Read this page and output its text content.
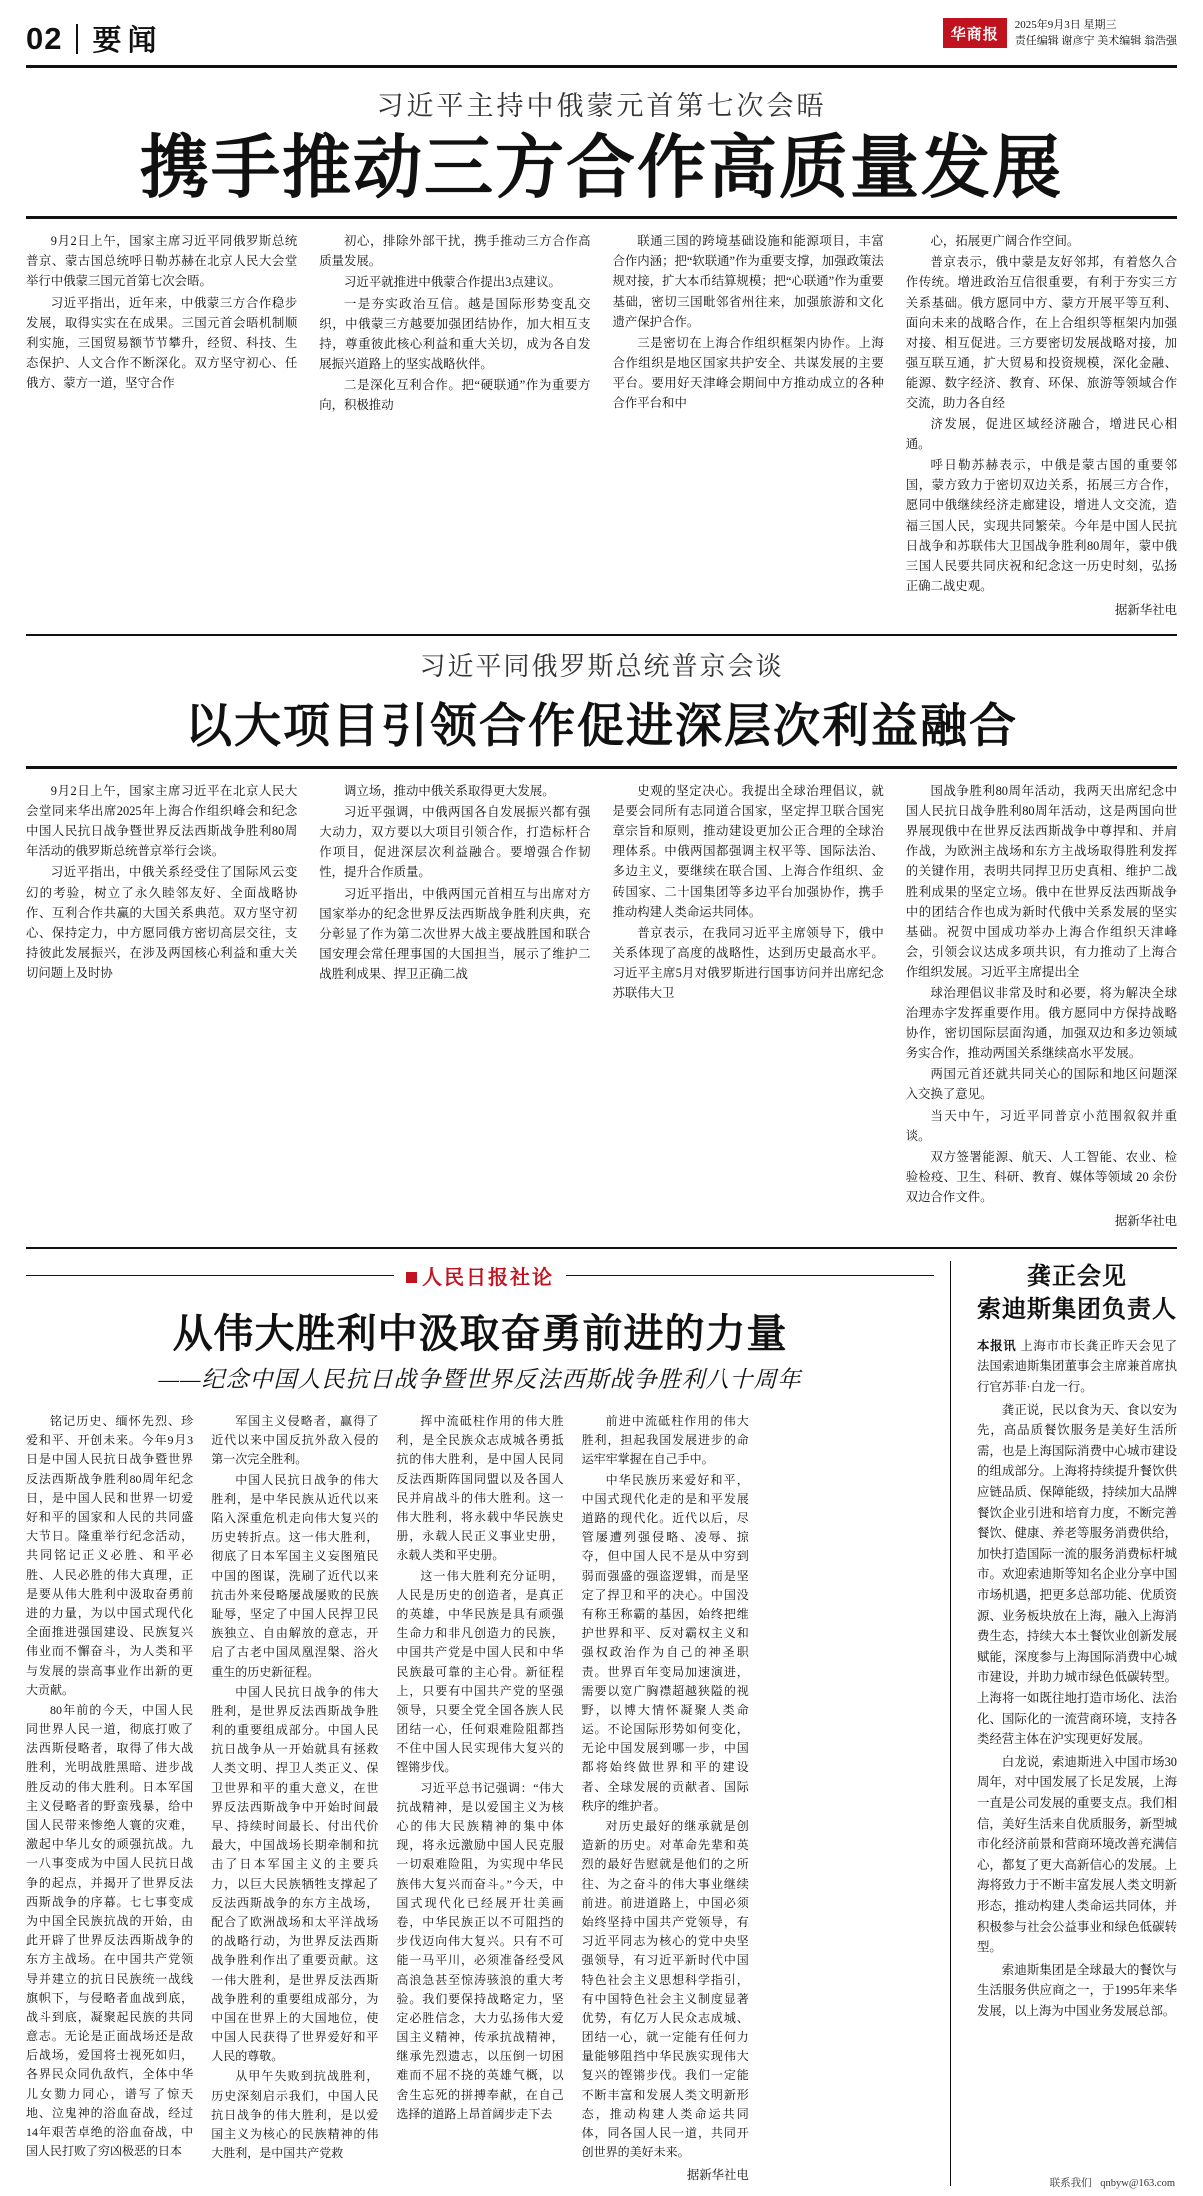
02 要闻	华商报
2025年9月3日 星期三
责任编辑 谢彦宁 美术编辑 翁浩强
习近平主持中俄蒙元首第七次会晤
携手推动三方合作高质量发展

9月2日上午，国家主席习近平同俄罗斯总统普京、蒙古国总统呼日勒苏赫在北京人民大会堂举行中俄蒙三国元首第七次会晤。

习近平指出，近年来，中俄蒙三方合作稳步发展，取得实实在在成果。三国元首会晤机制顺利实施，三国贸易额节节攀升，经贸、科技、生态保护、人文合作不断深化。双方坚守初心、任俄方、蒙方一道，坚守合作

初心，排除外部干扰，携手推动三方合作高质量发展。

习近平就推进中俄蒙合作提出3点建议。

一是夯实政治互信。越是国际形势变乱交织，中俄蒙三方越要加强团结协作，加大相互支持，尊重彼此核心利益和重大关切，成为各自发展振兴道路上的坚实战略伙伴。

二是深化互利合作。把“硬联通”作为重要方向，积极推动

联通三国的跨境基础设施和能源项目，丰富合作内涵；把“软联通”作为重要支撑，加强政策法规对接，扩大本币结算规模；把“心联通”作为重要基础，密切三国毗邻省州往来，加强旅游和文化遗产保护合作。

三是密切在上海合作组织框架内协作。上海合作组织是地区国家共护安全、共谋发展的主要平台。要用好天津峰会期间中方推动成立的各种合作平台和中

心，拓展更广阔合作空间。

普京表示，俄中蒙是友好邻邦，有着悠久合作传统。增进政治互信很重要，有利于夯实三方关系基础。俄方愿同中方、蒙方开展平等互利、面向未来的战略合作，在上合组织等框架内加强对接、相互促进。三方要密切发展战略对接，加强互联互通，扩大贸易和投资规模，深化金融、能源、数字经济、教育、环保、旅游等领域合作交流，助力各自经

济发展，促进区域经济融合，增进民心相通。

呼日勒苏赫表示，中俄是蒙古国的重要邻国，蒙方致力于密切双边关系，拓展三方合作，愿同中俄继续经济走廊建设，增进人文交流，造福三国人民，实现共同繁荣。今年是中国人民抗日战争和苏联伟大卫国战争胜利80周年，蒙中俄三国人民要共同庆祝和纪念这一历史时刻，弘扬正确二战史观。

据新华社电
习近平同俄罗斯总统普京会谈
以大项目引领合作促进深层次利益融合

9月2日上午，国家主席习近平在北京人民大会堂同来华出席2025年上海合作组织峰会和纪念中国人民抗日战争暨世界反法西斯战争胜利80周年活动的俄罗斯总统普京举行会谈。

习近平指出，中俄关系经受住了国际风云变幻的考验，树立了永久睦邻友好、全面战略协作、互利合作共赢的大国关系典范。双方坚守初心、保持定力，中方愿同俄方密切高层交往，支持彼此发展振兴，在涉及两国核心利益和重大关切问题上及时协

调立场，推动中俄关系取得更大发展。

习近平强调，中俄两国各自发展振兴都有强大动力，双方要以大项目引领合作，打造标杆合作项目，促进深层次利益融合。要增强合作韧性，提升合作质量。

习近平指出，中俄两国元首相互与出席对方国家举办的纪念世界反法西斯战争胜利庆典，充分彰显了作为第二次世界大战主要战胜国和联合国安理会常任理事国的大国担当，展示了维护二战胜利成果、捍卫正确二战

史观的坚定决心。我提出全球治理倡议，就是要会同所有志同道合国家，坚定捍卫联合国宪章宗旨和原则，推动建设更加公正合理的全球治理体系。中俄两国都强调主权平等、国际法治、多边主义，要继续在联合国、上海合作组织、金砖国家、二十国集团等多边平台加强协作，携手推动构建人类命运共同体。

普京表示，在我同习近平主席领导下，俄中关系体现了高度的战略性，达到历史最高水平。习近平主席5月对俄罗斯进行国事访问并出席纪念苏联伟大卫

国战争胜利80周年活动，我两天出席纪念中国人民抗日战争胜利80周年活动，这是两国向世界展现俄中在世界反法西斯战争中尊捍和、并肩作战，为欧洲主战场和东方主战场取得胜利发挥的关键作用，表明共同捍卫历史真相、维护二战胜利成果的坚定立场。俄中在世界反法西斯战争中的团结合作也成为新时代俄中关系发展的坚实基础。祝贺中国成功举办上海合作组织天津峰会，引领会议达成多项共识，有力推动了上海合作组织发展。习近平主席提出全

球治理倡议非常及时和必要，将为解决全球治理赤字发挥重要作用。俄方愿同中方保持战略协作，密切国际层面沟通，加强双边和多边领域务实合作，推动两国关系继续高水平发展。

两国元首还就共同关心的国际和地区问题深入交换了意见。

当天中午，习近平同普京小范围叙叙并重谈。

双方签署能源、航天、人工智能、农业、检验检疫、卫生、科研、教育、媒体等领域 20 余份双边合作文件。

据新华社电
人民日报社论
从伟大胜利中汲取奋勇前进的力量
——纪念中国人民抗日战争暨世界反法西斯战争胜利八十周年

铭记历史、缅怀先烈、珍爱和平、开创未来。今年9月3日是中国人民抗日战争暨世界反法西斯战争胜利80周年纪念日，是中国人民和世界一切爱好和平的国家和人民的共同盛大节日。隆重举行纪念活动，共同铭记正义必胜、和平必胜、人民必胜的伟大真理，正是要从伟大胜利中汲取奋勇前进的力量，为以中国式现代化全面推进强国建设、民族复兴伟业而不懈奋斗，为人类和平与发展的崇高事业作出新的更大贡献。

80年前的今天，中国人民同世界人民一道，彻底打败了法西斯侵略者，取得了伟大战胜利，光明战胜黑暗、进步战胜反动的伟大胜利。日本军国主义侵略者的野蛮残暴，给中国人民带来惨绝人寰的灾难，激起中华儿女的顽强抗战。九一八事变成为中国人民抗日战争的起点，并揭开了世界反法西斯战争的序幕。七七事变成为中国全民族抗战的开始，由此开辟了世界反法西斯战争的东方主战场。在中国共产党领导并建立的抗日民族统一战线旗帜下，与侵略者血战到底，战斗到底，凝聚起民族的共同意志。无论是正面战场还是敌后战场，爱国将士视死如归，各界民众同仇敌忾，全体中华儿女勠力同心，谱写了惊天地、泣鬼神的浴血奋战，经过14年艰苦卓绝的浴血奋战，中国人民打败了穷凶极恶的日本

军国主义侵略者，赢得了近代以来中国反抗外敌入侵的第一次完全胜利。

中国人民抗日战争的伟大胜利，是中华民族从近代以来陷入深重危机走向伟大复兴的历史转折点。这一伟大胜利，彻底了日本军国主义妄图殖民中国的图谋，洗刷了近代以来抗击外来侵略屡战屡败的民族耻辱，坚定了中国人民捍卫民族独立、自由解放的意志，开启了古老中国凤凰涅槃、浴火重生的历史新征程。

中国人民抗日战争的伟大胜利，是世界反法西斯战争胜利的重要组成部分。中国人民抗日战争从一开始就具有拯救人类文明、捍卫人类正义、保卫世界和平的重大意义，在世界反法西斯战争中开始时间最早、持续时间最长、付出代价最大，中国战场长期牵制和抗击了日本军国主义的主要兵力，以巨大民族牺牲支撑起了反法西斯战争的东方主战场，配合了欧洲战场和太平洋战场的战略行动，为世界反法西斯战争胜利作出了重要贡献。这一伟大胜利，是世界反法西斯战争胜利的重要组成部分，为中国在世界上的大国地位，使中国人民获得了世界爱好和平人民的尊敬。

从甲午失败到抗战胜利，历史深刻启示我们，中国人民抗日战争的伟大胜利，是以爱国主义为核心的民族精神的伟大胜利，是中国共产党救

挥中流砥柱作用的伟大胜利，是全民族众志成城各勇抵抗的伟大胜利，是中国人民同反法西斯阵国同盟以及各国人民并肩战斗的伟大胜利。这一伟大胜利，将永载中华民族史册，永载人民正义事业史册，永载人类和平史册。

这一伟大胜利充分证明，人民是历史的创造者，是真正的英雄，中华民族是具有顽强生命力和非凡创造力的民族，中国共产党是中国人民和中华民族最可靠的主心骨。新征程上，只要有中国共产党的坚强领导，只要全党全国各族人民团结一心，任何艰难险阻都挡不住中国人民实现伟大复兴的铿锵步伐。

习近平总书记强调：“伟大抗战精神，是以爱国主义为核心的伟大民族精神的集中体现，将永远激励中国人民克服一切艰难险阻，为实现中华民族伟大复兴而奋斗。”今天，中国式现代化已经展开壮美画卷，中华民族正以不可阻挡的步伐迈向伟大复兴。只有不可能一马平川，必须准备经受风高浪急甚至惊涛骇浪的重大考验。我们要保持战略定力，坚定必胜信念，大力弘扬伟大爱国主义精神，传承抗战精神，继承先烈遗志，以压倒一切困难而不屈不挠的英雄气概，以舍生忘死的拼搏奉献，在自己选择的道路上昂首阔步走下去

前进中流砥柱作用的伟大胜利，担起我国发展进步的命运牢牢掌握在自己手中。

中华民族历来爱好和平，中国式现代化走的是和平发展道路的现代化。近代以后，尽管屡遭列强侵略、凌辱、掠夺，但中国人民不是从中穷到弱而强盛的强盗逻辑，而是坚定了捍卫和平的决心。中国没有称王称霸的基因，始终把维护世界和平、反对霸权主义和强权政治作为自己的神圣职责。世界百年变局加速演进，需要以宽广胸襟超越狭隘的视野，以博大情怀凝聚人类命运。不论国际形势如何变化，无论中国发展到哪一步，中国都将始终做世界和平的建设者、全球发展的贡献者、国际秩序的维护者。

对历史最好的继承就是创造新的历史。对革命先辈和英烈的最好告慰就是他们的之所往、为之奋斗的伟大事业继续前进。前进道路上，中国必须始终坚持中国共产党领导，有习近平同志为核心的党中央坚强领导，有习近平新时代中国特色社会主义思想科学指引，有中国特色社会主义制度显著优势，有亿万人民众志成城、团结一心，就一定能有任何力量能够阻挡中华民族实现伟大复兴的铿锵步伐。我们一定能不断丰富和发展人类文明新形态，推动构建人类命运共同体，同各国人民一道，共同开创世界的美好未来。

据新华社电
龚正会见
索迪斯集团负责人

本报讯 上海市市长龚正昨天会见了法国索迪斯集团董事会主席兼首席执行官苏菲·白龙一行。

龚正说，民以食为天、食以安为先，高品质餐饮服务是美好生活所需，也是上海国际消费中心城市建设的组成部分。上海将持续提升餐饮供应链品质、保障能级，持续加大品牌餐饮企业引进和培育力度，不断完善餐饮、健康、养老等服务消费供给，加快打造国际一流的服务消费标杆城市。欢迎索迪斯等知名企业分享中国市场机遇，把更多总部功能、优质资源、业务板块放在上海，融入上海消费生态，持续大本土餐饮业创新发展赋能，深度参与上海国际消费中心城市建设，并助力城市绿色低碳转型。上海将一如既往地打造市场化、法治化、国际化的一流营商环境，支持各类经营主体在沪实现更好发展。

白龙说，索迪斯进入中国市场30周年，对中国发展了长足发展，上海一直是公司发展的重要支点。我们相信，美好生活来自优质服务，新型城市化经济前景和营商环境改善充满信心，都复了更大高新信心的发展。上海将致力于不断丰富发展人类文明新形态，推动构建人类命运共同体，并积极参与社会公益事业和绿色低碳转型。

索迪斯集团是全球最大的餐饮与生活服务供应商之一，于1995年来华发展，以上海为中国业务发展总部。

联系我们 qnbyw@163.com
